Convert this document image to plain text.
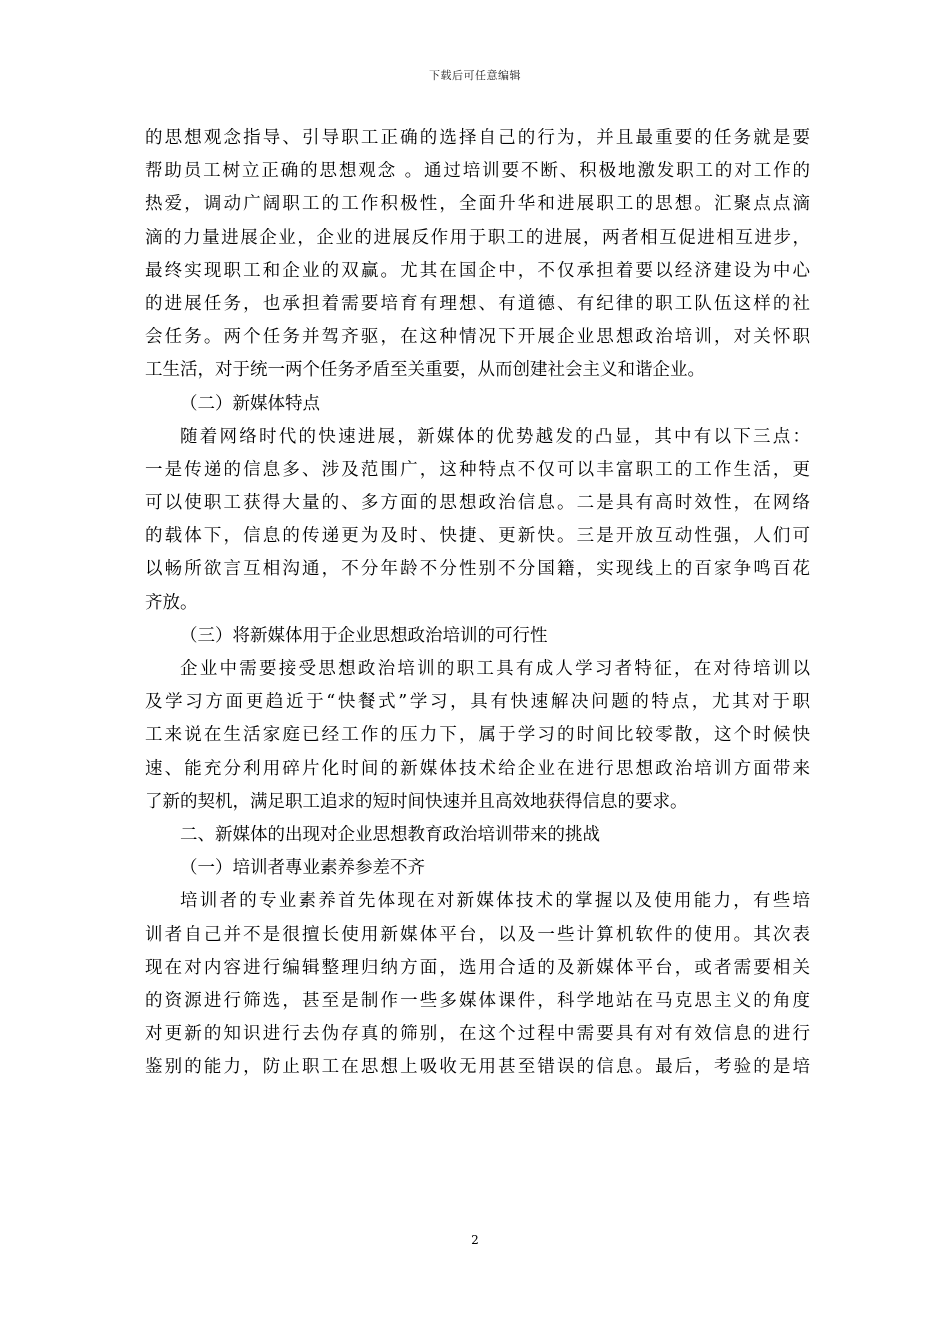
下载后可任意编辑
的思想观念指导、引导职工正确的选择自己的行为，并且最重要的任务就是要
帮助员工树立正确的思想观念 。通过培训要不断、积极地激发职工的对工作的
热爱，调动广阔职工的工作积极性，全面升华和进展职工的思想。汇聚点点滴
滴的力量进展企业，企业的进展反作用于职工的进展，两者相互促进相互进步，
最终实现职工和企业的双赢。尤其在国企中，不仅承担着要以经济建设为中心
的进展任务，也承担着需要培育有理想、有道德、有纪律的职工队伍这样的社
会任务。两个任务并驾齐驱，在这种情况下开展企业思想政治培训，对关怀职
工生活，对于统一两个任务矛盾至关重要，从而创建社会主义和谐企业。
（二）新媒体特点
随着网络时代的快速进展，新媒体的优势越发的凸显，其中有以下三点：
一是传递的信息多、涉及范围广，这种特点不仅可以丰富职工的工作生活，更
可以使职工获得大量的、多方面的思想政治信息。二是具有高时效性，在网络
的载体下，信息的传递更为及时、快捷、更新快。三是开放互动性强，人们可
以畅所欲言互相沟通，不分年龄不分性别不分国籍，实现线上的百家争鸣百花
齐放。
（三）将新媒体用于企业思想政治培训的可行性
企业中需要接受思想政治培训的职工具有成人学习者特征，在对待培训以
及学习方面更趋近于“快餐式”学习，具有快速解决问题的特点，尤其对于职
工来说在生活家庭已经工作的压力下，属于学习的时间比较零散，这个时候快
速、能充分利用碎片化时间的新媒体技术给企业在进行思想政治培训方面带来
了新的契机，满足职工追求的短时间快速并且高效地获得信息的要求。
二、新媒体的出现对企业思想教育政治培训带来的挑战
（一）培训者專业素养参差不齐
培训者的专业素养首先体现在对新媒体技术的掌握以及使用能力，有些培
训者自己并不是很擅长使用新媒体平台，以及一些计算机软件的使用。其次表
现在对内容进行编辑整理归纳方面，选用合适的及新媒体平台，或者需要相关
的资源进行筛选，甚至是制作一些多媒体课件，科学地站在马克思主义的角度
对更新的知识进行去伪存真的筛别，在这个过程中需要具有对有效信息的进行
鉴别的能力，防止职工在思想上吸收无用甚至错误的信息。最后，考验的是培
2
